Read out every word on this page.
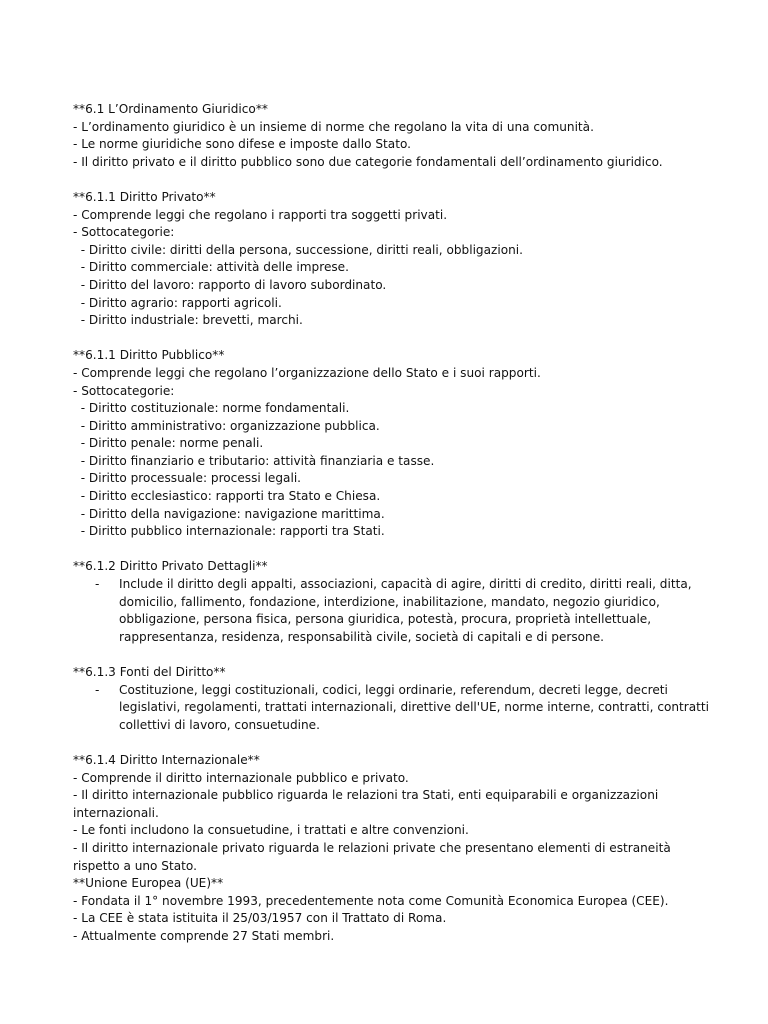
**6.1 L’Ordinamento Giuridico**
- L’ordinamento giuridico è un insieme di norme che regolano la vita di una comunità.
- Le norme giuridiche sono difese e imposte dallo Stato.
- Il diritto privato e il diritto pubblico sono due categorie fondamentali dell’ordinamento giuridico.
**6.1.1 Diritto Privato**
- Comprende leggi che regolano i rapporti tra soggetti privati.
- Sottocategorie:
- Diritto civile: diritti della persona, successione, diritti reali, obbligazioni.
- Diritto commerciale: attività delle imprese.
- Diritto del lavoro: rapporto di lavoro subordinato.
- Diritto agrario: rapporti agricoli.
- Diritto industriale: brevetti, marchi.
**6.1.1 Diritto Pubblico**
- Comprende leggi che regolano l’organizzazione dello Stato e i suoi rapporti.
- Sottocategorie:
- Diritto costituzionale: norme fondamentali.
- Diritto amministrativo: organizzazione pubblica.
- Diritto penale: norme penali.
- Diritto finanziario e tributario: attività finanziaria e tasse.
- Diritto processuale: processi legali.
- Diritto ecclesiastico: rapporti tra Stato e Chiesa.
- Diritto della navigazione: navigazione marittima.
- Diritto pubblico internazionale: rapporti tra Stati.
**6.1.2 Diritto Privato Dettagli**
-	Include il diritto degli appalti, associazioni, capacità di agire, diritti di credito, diritti reali, ditta, domicilio, fallimento, fondazione, interdizione, inabilitazione, mandato, negozio giuridico, obbligazione, persona fisica, persona giuridica, potestà, procura, proprietà intellettuale, rappresentanza, residenza, responsabilità civile, società di capitali e di persone.
**6.1.3 Fonti del Diritto**
-	Costituzione, leggi costituzionali, codici, leggi ordinarie, referendum, decreti legge, decreti legislativi, regolamenti, trattati internazionali, direttive dell'UE, norme interne, contratti, contratti collettivi di lavoro, consuetudine.
**6.1.4 Diritto Internazionale**
- Comprende il diritto internazionale pubblico e privato.
- Il diritto internazionale pubblico riguarda le relazioni tra Stati, enti equiparabili e organizzazioni internazionali.
- Le fonti includono la consuetudine, i trattati e altre convenzioni.
- Il diritto internazionale privato riguarda le relazioni private che presentano elementi di estraneità rispetto a uno Stato.
**Unione Europea (UE)**
- Fondata il 1° novembre 1993, precedentemente nota come Comunità Economica Europea (CEE).
- La CEE è stata istituita il 25/03/1957 con il Trattato di Roma.
- Attualmente comprende 27 Stati membri.
